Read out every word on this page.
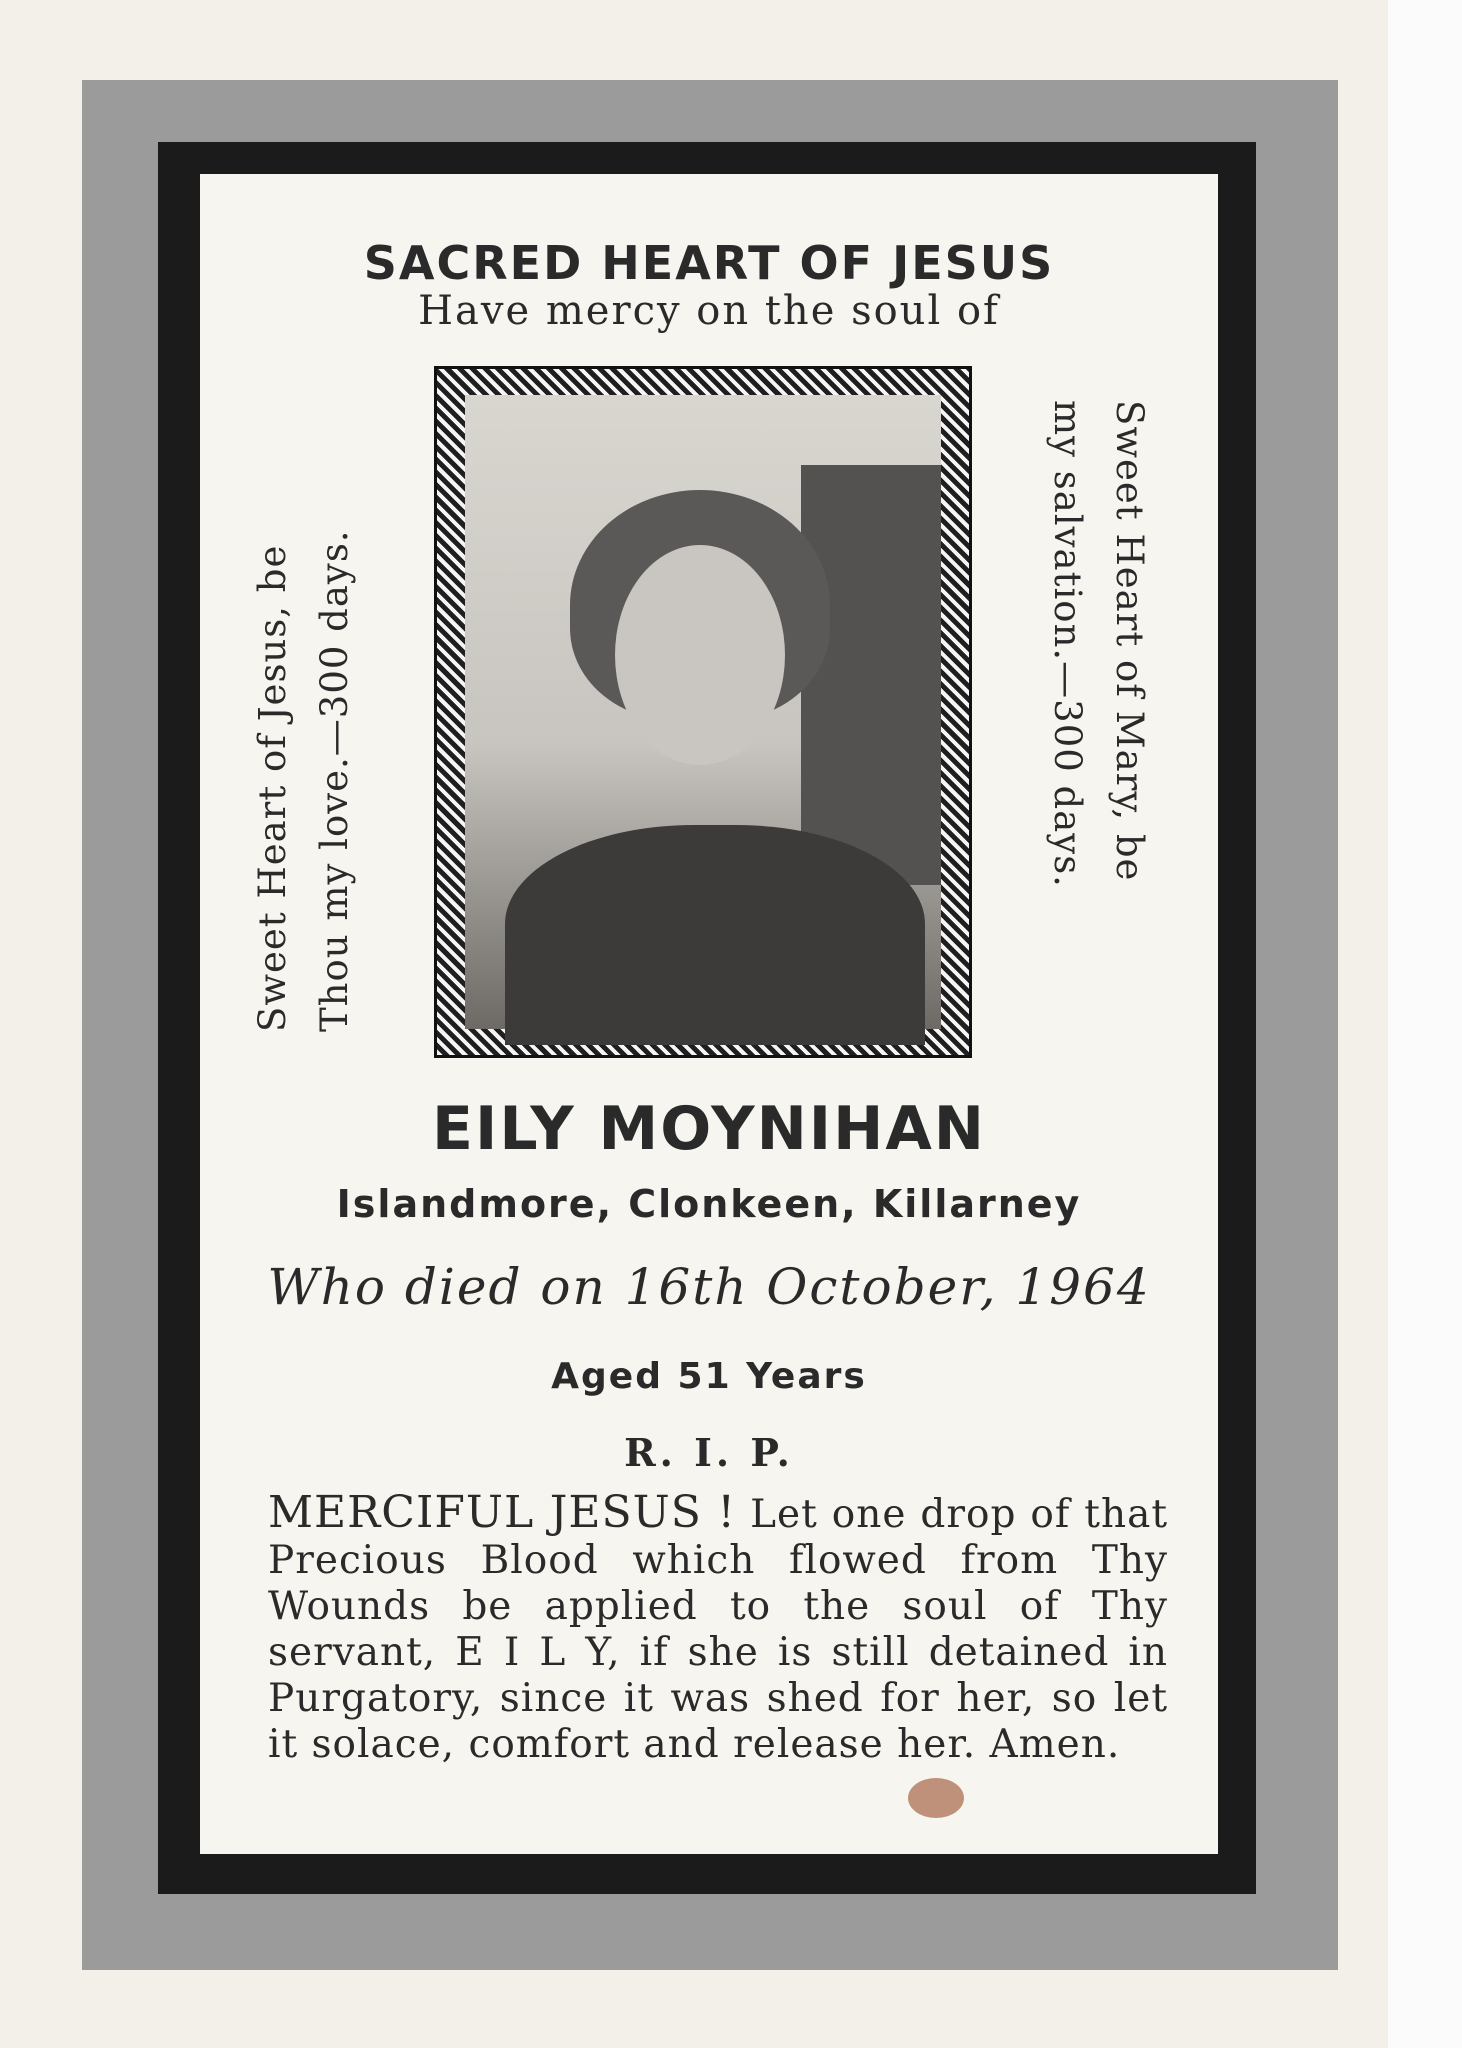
SACRED HEART OF JESUS
Have mercy on the soul of
Sweet Heart of Jesus, be Thou my love.—300 days.	Sweet Heart of Mary, be
my salvation.—300 days.
EILY MOYNIHAN
Islandmore, Clonkeen, Killarney
Who died on 16th October, 1964
Aged 51 Years
R. I. P.
MERCIFUL JESUS ! Let one drop of that Precious Blood which flowed from Thy Wounds be applied to the soul of Thy servant, E I L Y, if she is still detained in Purgatory, since it was shed for her, so let it solace, comfort and release her. Amen.
